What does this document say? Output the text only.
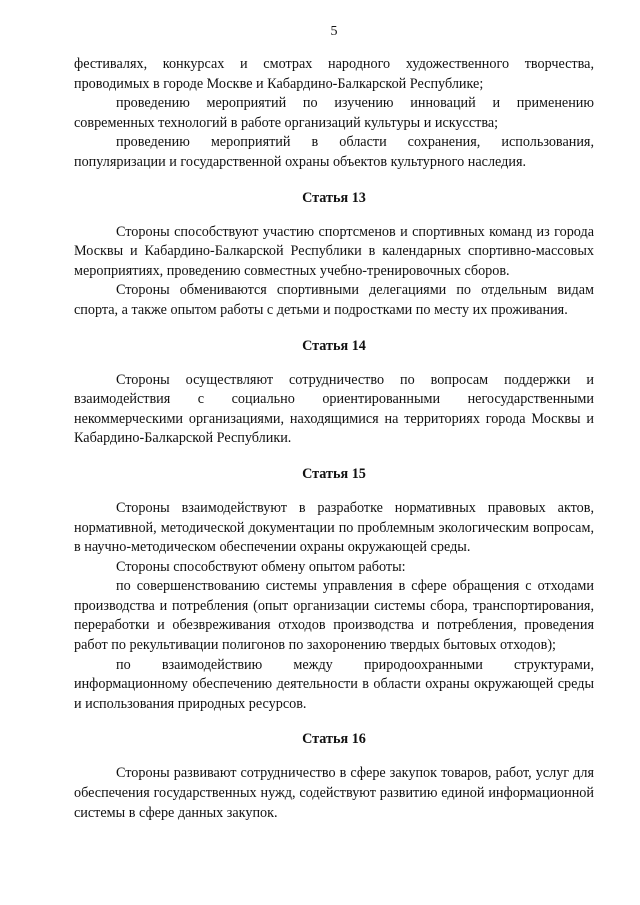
5

фестивалях, конкурсах и смотрах народного художественного творчества, проводимых в городе Москве и Кабардино-Балкарской Республике;

проведению мероприятий по изучению инноваций и применению современных технологий в работе организаций культуры и искусства;

проведению мероприятий в области сохранения, использования, популяризации и государственной охраны объектов культурного наследия.

Статья 13

Стороны способствуют участию спортсменов и спортивных команд из города Москвы и Кабардино-Балкарской Республики в календарных спортивно-массовых мероприятиях, проведению совместных учебно-тренировочных сборов.

Стороны обмениваются спортивными делегациями по отдельным видам спорта, а также опытом работы с детьми и подростками по месту их проживания.

Статья 14

Стороны осуществляют сотрудничество по вопросам поддержки и взаимодействия с социально ориентированными негосударственными некоммерческими организациями, находящимися на территориях города Москвы и Кабардино-Балкарской Республики.

Статья 15

Стороны взаимодействуют в разработке нормативных правовых актов, нормативной, методической документации по проблемным экологическим вопросам, в научно-методическом обеспечении охраны окружающей среды.

Стороны способствуют обмену опытом работы:

по совершенствованию системы управления в сфере обращения с отходами производства и потребления (опыт организации системы сбора, транспортирования, переработки и обезвреживания отходов производства и потребления, проведения работ по рекультивации полигонов по захоронению твердых бытовых отходов);

по взаимодействию между природоохранными структурами, информационному обеспечению деятельности в области охраны окружающей среды и использования природных ресурсов.

Статья 16

Стороны развивают сотрудничество в сфере закупок товаров, работ, услуг для обеспечения государственных нужд, содействуют развитию единой информационной системы в сфере данных закупок.
